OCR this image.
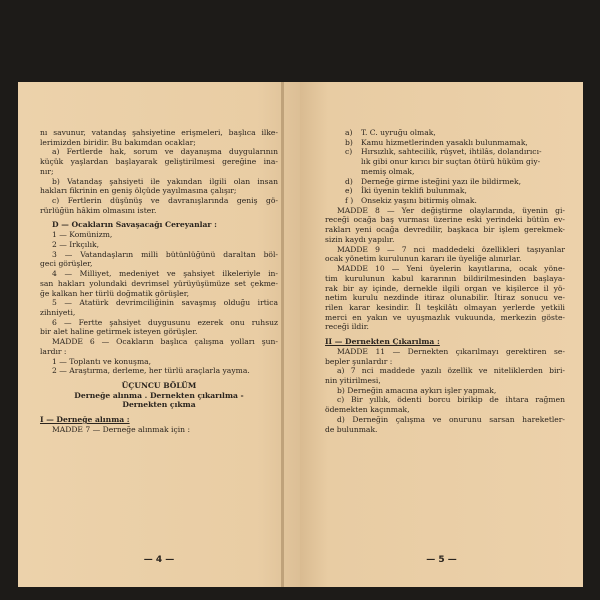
nı savunur, vatandaş şahsiyetine erişmeleri, başlıca ilke-
lerimizden biridir. Bu bakımdan ocaklar;
a) Fertlerde hak, sorum ve dayanışma duygularının
küçük yaşlardan başlayarak geliştirilmesi gereğine ina-
nır;
b) Vatandaş şahsiyeti ile yakından ilgili olan insan
hakları fikrinin en geniş ölçüde yayılmasına çalışır;
c) Fertlerin düşünüş ve davranışlarında geniş gö-
rürlüğün hâkim olmasını ister.
D — Ocakların Savaşacağı Cereyanlar :
1 — Komünizm,
2 — Irkçılık,
3 — Vatandaşların milli bütünlüğünü daraltan böl-
geci görüşler,
4 — Milliyet, medeniyet ve şahsiyet ilkeleriyle in-
san hakları yolundaki devrimsel yürüyüşümüze set çekme-
ğe kalkan her türlü doğmatik görüşler,
5 — Atatürk devrimciliğinin savaşmış olduğu irtica
zihniyeti,
6 — Fertte şahsiyet duygusunu ezerek onu ruhsuz
bir alet haline getirmek isteyen görüşler.
MADDE 6 — Ocakların başlıca çalışma yolları şun-
lardır :
1 — Toplantı ve konuşma,
2 — Araştırma, derleme, her türlü araçlarla yayma.
ÜÇUNCU BÖLÜM
Derneğe alınma . Dernekten çıkarılma -
Dernekten çıkma
I — Derneğe alınma :
MADDE 7 — Derneğe alınmak için :
— 4 —
a) T. C. uyruğu olmak,
b) Kamu hizmetlerinden yasaklı bulunmamak,
c) Hırsızlık, sahtecilik, rüşvet, ihtilâs, dolandırıcı-
lık gibi onur kırıcı bir suçtan ötürü hüküm giy-
memiş olmak,
d) Derneğe girme isteğini yazı ile bildirmek,
e) İki üyenin teklifi bulunmak,
f ) Onsekiz yaşını bitirmiş olmak.
MADDE 8 — Yer değiştirme olaylarında, üyenin gi-
receği ocağa baş vurması üzerine eski yerindeki bütün ev-
rakları yeni ocağa devredilir, başkaca bir işlem gerekmek-
sizin kaydı yapılır.
MADDE 9 — 7 nci maddedeki özellikleri taşıyanlar
ocak yönetim kurulunun kararı ile üyeliğe alınırlar.
MADDE 10 — Yeni üyelerin kayıtlarına, ocak yöne-
tim kurulunun kabul kararının bildirilmesinden başlaya-
rak bir ay içinde, dernekle ilgili organ ve kişilerce il yö-
netim kurulu nezdinde itiraz olunabilir. İtiraz sonucu ve-
rilen karar kesindir. İl teşkilâtı olmayan yerlerde yetkili
merci en yakın ve uyuşmazlık vukuunda, merkezin göste-
receği ildir.
II — Dernekten Çıkarılma :
MADDE 11 — Dernekten çıkarılmayı gerektiren se-
bepler şunlardır :
a) 7 nci maddede yazılı özellik ve niteliklerden biri-
nin yitirilmesi,
b) Derneğin amacına aykırı işler yapmak,
c) Bir yıllık, ödenti borcu birikip de ihtara rağmen
ödemekten kaçınmak,
d) Derneğin çalışma ve onurunu sarsan hareketler-
de bulunmak.
— 5 —
